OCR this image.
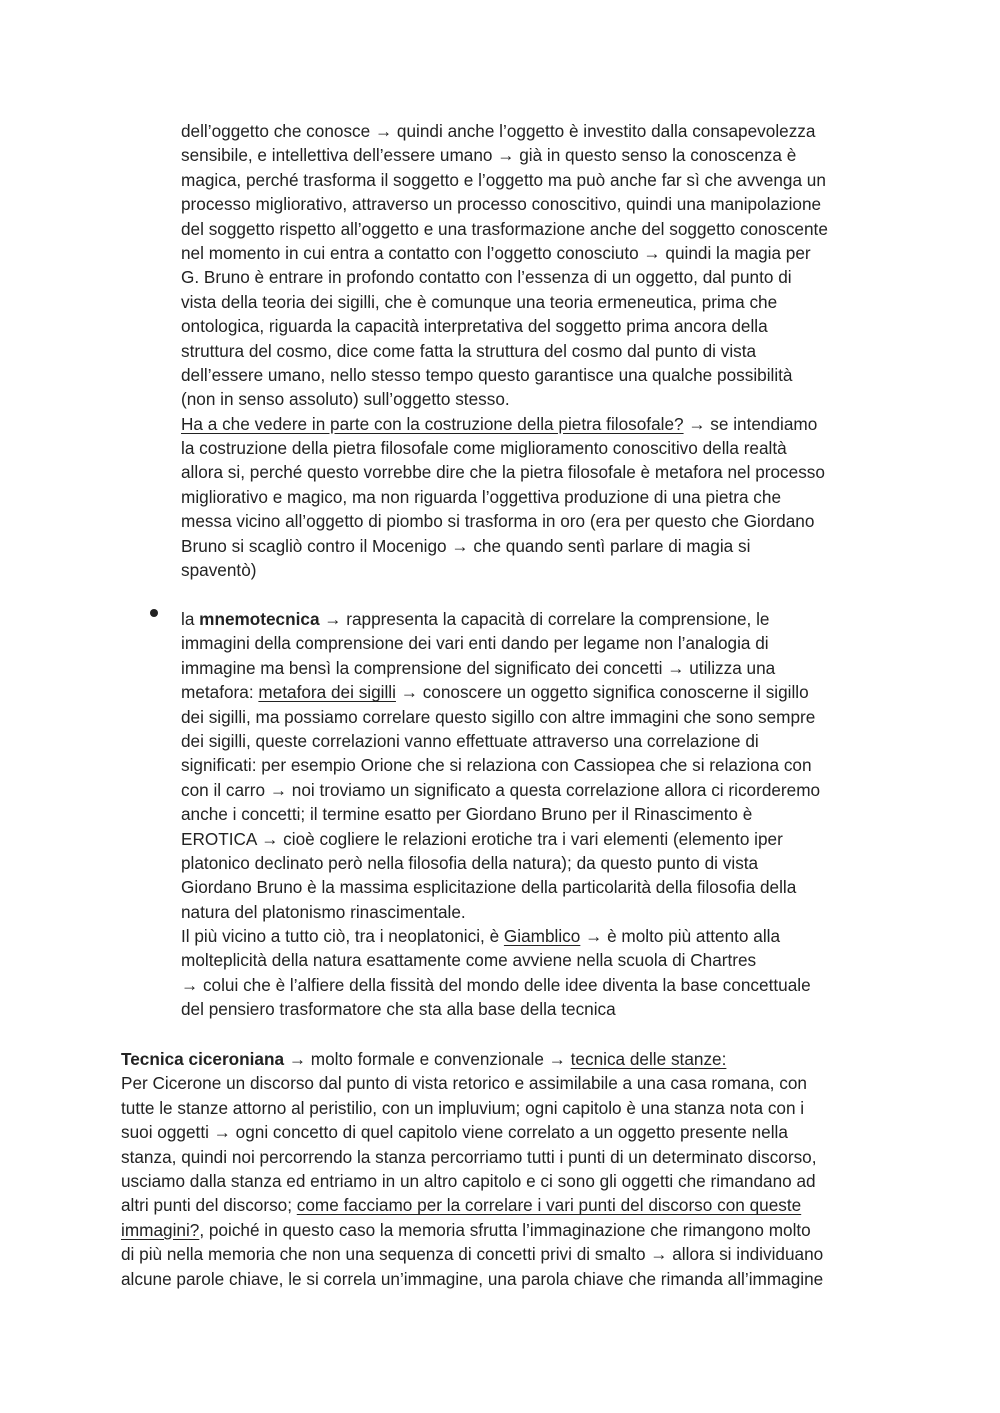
dell’oggetto che conosce → quindi anche l’oggetto è investito dalla consapevolezza
sensibile, e intellettiva dell’essere umano → già in questo senso la conoscenza è
magica, perché trasforma il soggetto e l’oggetto ma può anche far sì che avvenga un
processo migliorativo, attraverso un processo conoscitivo, quindi una manipolazione
del soggetto rispetto all’oggetto e una trasformazione anche del soggetto conoscente
nel momento in cui entra a contatto con l’oggetto conosciuto → quindi la magia per
G. Bruno è entrare in profondo contatto con l’essenza di un oggetto, dal punto di
vista della teoria dei sigilli, che è comunque una teoria ermeneutica, prima che
ontologica, riguarda la capacità interpretativa del soggetto prima ancora della
struttura del cosmo, dice come fatta la struttura del cosmo dal punto di vista
dell’essere umano, nello stesso tempo questo garantisce una qualche possibilità
(non in senso assoluto) sull’oggetto stesso.
Ha a che vedere in parte con la costruzione della pietra filosofale? → se intendiamo
la costruzione della pietra filosofale come miglioramento conoscitivo della realtà
allora si, perché questo vorrebbe dire che la pietra filosofale è metafora nel processo
migliorativo e magico, ma non riguarda l’oggettiva produzione di una pietra che
messa vicino all’oggetto di piombo si trasforma in oro (era per questo che Giordano
Bruno si scagliò contro il Mocenigo → che quando sentì parlare di magia si
spaventò)
la mnemotecnica → rappresenta la capacità di correlare la comprensione, le
immagini della comprensione dei vari enti dando per legame non l’analogia di
immagine ma bensì la comprensione del significato dei concetti → utilizza una
metafora: metafora dei sigilli → conoscere un oggetto significa conoscerne il sigillo
dei sigilli, ma possiamo correlare questo sigillo con altre immagini che sono sempre
dei sigilli, queste correlazioni vanno effettuate attraverso una correlazione di
significati: per esempio Orione che si relaziona con Cassiopea che si relaziona con
con il carro → noi troviamo un significato a questa correlazione allora ci ricorderemo
anche i concetti; il termine esatto per Giordano Bruno per il Rinascimento è
EROTICA → cioè cogliere le relazioni erotiche tra i vari elementi (elemento iper
platonico declinato però nella filosofia della natura); da questo punto di vista
Giordano Bruno è la massima esplicitazione della particolarità della filosofia della
natura del platonismo rinascimentale.
Il più vicino a tutto ciò, tra i neoplatonici, è Giamblico → è molto più attento alla
molteplicità della natura esattamente come avviene nella scuola di Chartres
→ colui che è l’alfiere della fissità del mondo delle idee diventa la base concettuale
del pensiero trasformatore che sta alla base della tecnica
Tecnica ciceroniana → molto formale e convenzionale → tecnica delle stanze:
Per Cicerone un discorso dal punto di vista retorico e assimilabile a una casa romana, con
tutte le stanze attorno al peristilio, con un impluvium; ogni capitolo è una stanza nota con i
suoi oggetti → ogni concetto di quel capitolo viene correlato a un oggetto presente nella
stanza, quindi noi percorrendo la stanza percorriamo tutti i punti di un determinato discorso,
usciamo dalla stanza ed entriamo in un altro capitolo e ci sono gli oggetti che rimandano ad
altri punti del discorso; come facciamo per la correlare i vari punti del discorso con queste
immagini?, poiché in questo caso la memoria sfrutta l’immaginazione che rimangono molto
di più nella memoria che non una sequenza di concetti privi di smalto → allora si individuano
alcune parole chiave, le si correla un’immagine, una parola chiave che rimanda all’immagine
